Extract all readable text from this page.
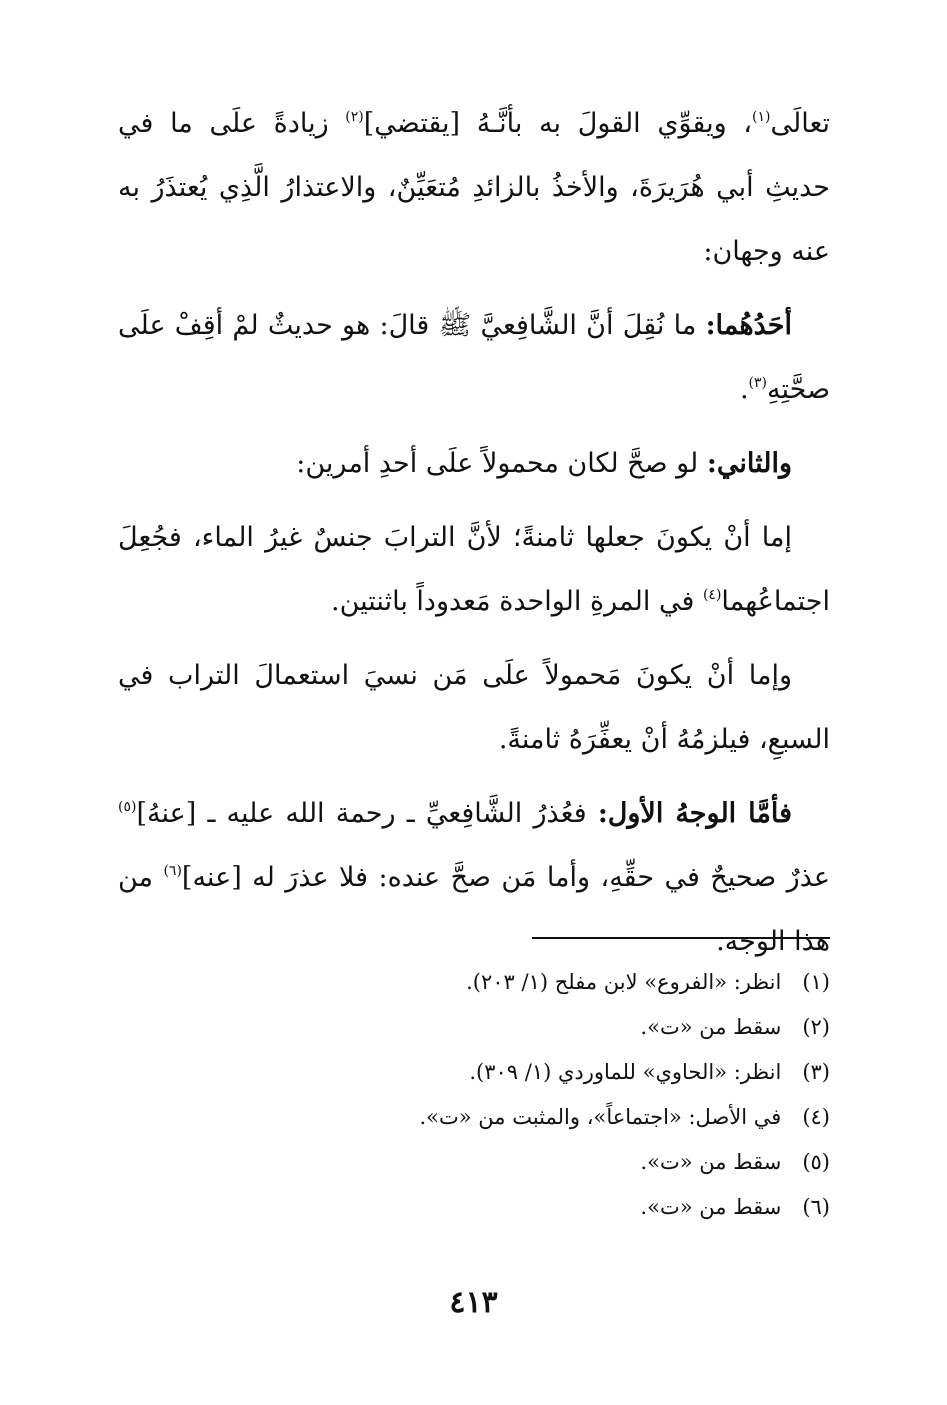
تعالَى$^{(١)}$، ويقوِّي القولَ به بأنَّـهُ [يقتضي]$^{(٢)}$ زيادةً علَى ما في حديثِ أبي هُرَيرَةَ، والأخذُ بالزائدِ مُتعَيِّنٌ، والاعتذارُ الَّذِي يُعتذَرُ به عنه وجهان:

أحَدُهُما: ما نُقِلَ أنَّ الشَّافِعيَّ ﷺ قالَ: هو حديثٌ لمْ أقِفْ علَى صحَّتِهِ$^{(٣)}$.

والثاني: لو صحَّ لكان محمولاً علَى أحدِ أمرين:

إما أنْ يكونَ جعلها ثامنةً؛ لأنَّ الترابَ جنسٌ غيرُ الماء، فجُعِلَ اجتماعُهما$^{(٤)}$ في المرةِ الواحدة مَعدوداً باثنتين.

وإما أنْ يكونَ مَحمولاً علَى مَن نسيَ استعمالَ التراب في السبعِ، فيلزمُهُ أنْ يعفِّرَهُ ثامنةً.

فأمَّا الوجهُ الأول: فعُذرُ الشَّافِعيِّ ـ رحمة الله عليه ـ [عنهُ]$^{(٥)}$ عذرٌ صحيحٌ في حقِّهِ، وأما مَن صحَّ عنده: فلا عذرَ له [عنه]$^{(٦)}$ من هذا الوجه.

(١) انظر: «الفروع» لابن مفلح (١/ ٢٠٣).
(٢) سقط من «ت».
(٣) انظر: «الحاوي» للماوردي (١/ ٣٠٩).
(٤) في الأصل: «اجتماعاً»، والمثبت من «ت».
(٥) سقط من «ت».
(٦) سقط من «ت».
٤١٣
